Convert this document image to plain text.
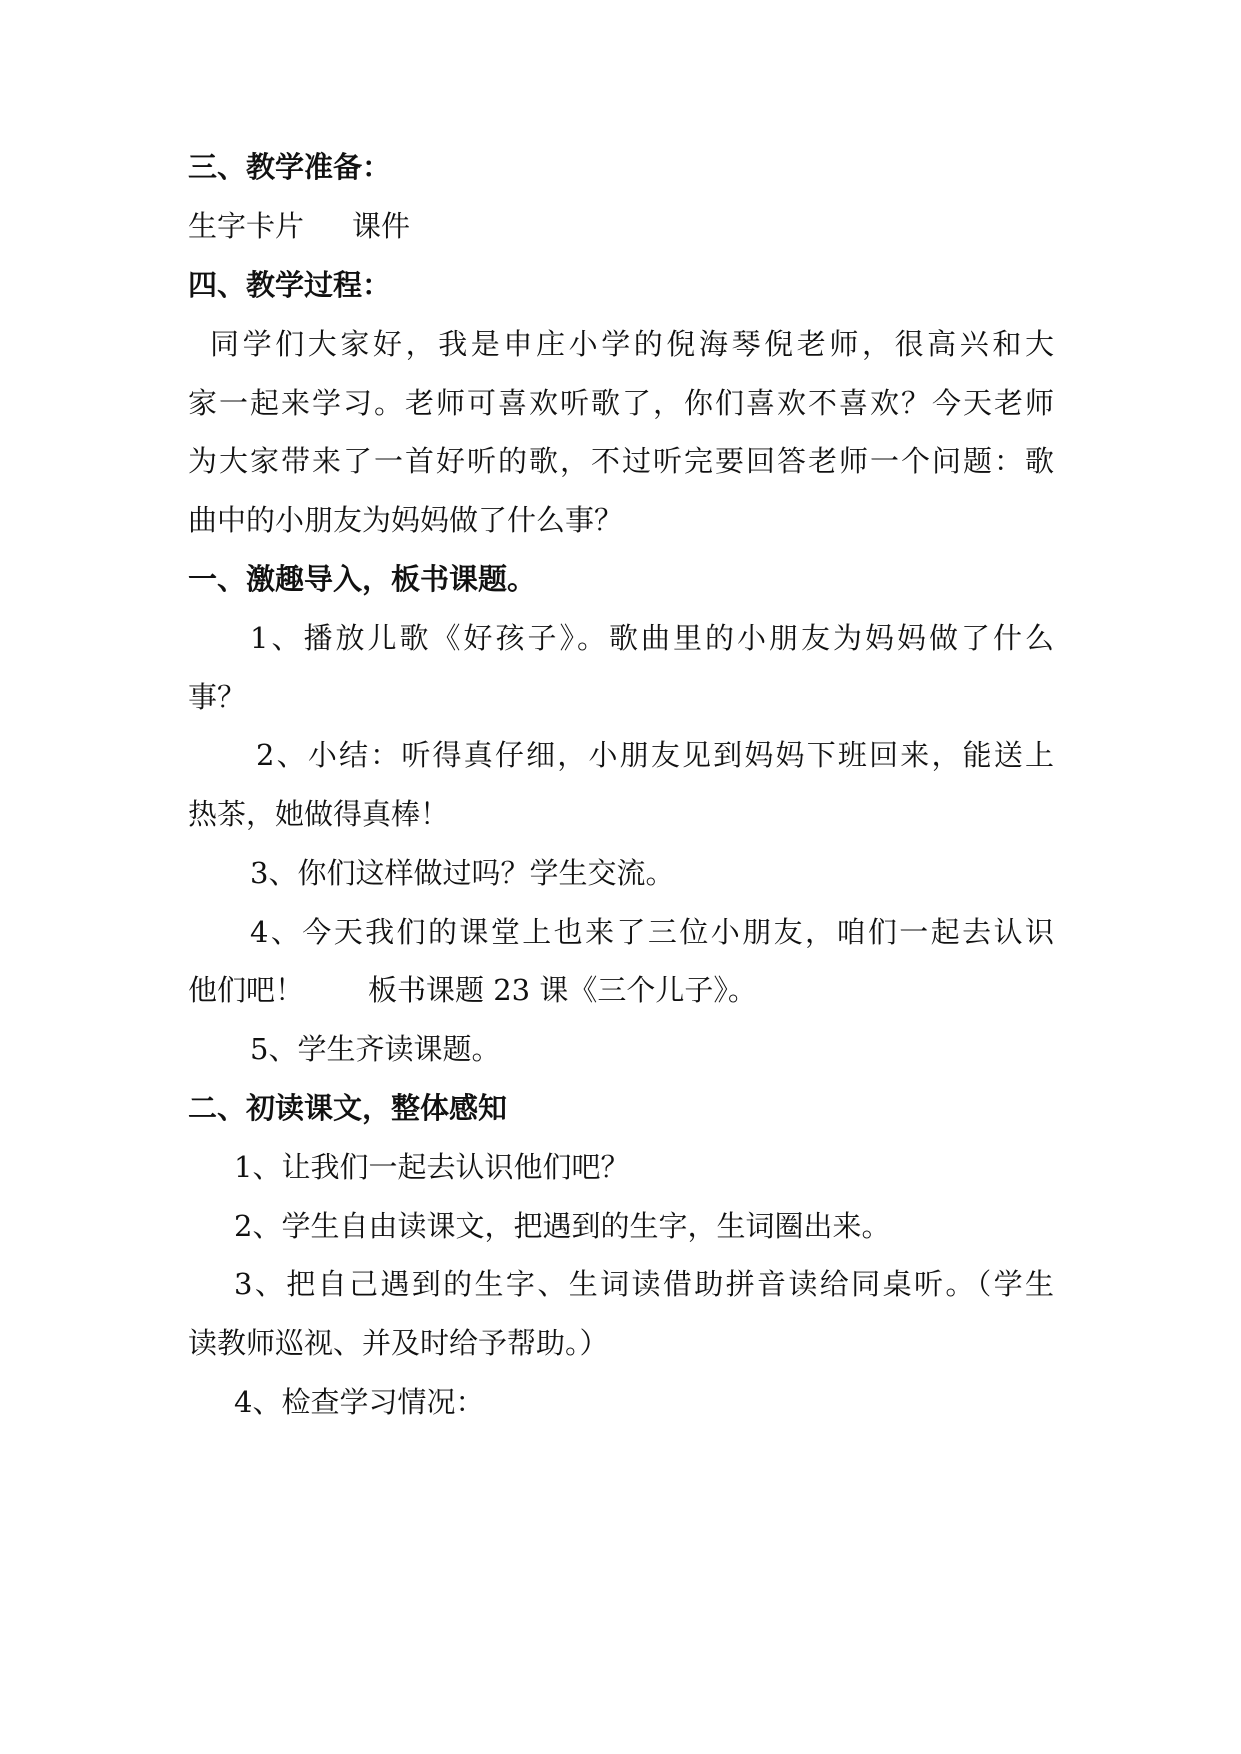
三、教学准备：
生字卡片 课件
四、教学过程：
同学们大家好，我是申庄小学的倪海琴倪老师，很高兴和大
家一起来学习。老师可喜欢听歌了，你们喜欢不喜欢？今天老师
为大家带来了一首好听的歌，不过听完要回答老师一个问题：歌
曲中的小朋友为妈妈做了什么事？
一、激趣导入，板书课题。
1、播放儿歌《好孩子》。歌曲里的小朋友为妈妈做了什么
事？
2、小结：听得真仔细，小朋友见到妈妈下班回来，能送上
热茶，她做得真棒！
3、你们这样做过吗？学生交流。
4、今天我们的课堂上也来了三位小朋友，咱们一起去认识
他们吧！ 板书课题 23 课《三个儿子》。
5、学生齐读课题。
二、初读课文，整体感知
1、让我们一起去认识他们吧？
2、学生自由读课文，把遇到的生字，生词圈出来。
3、把自己遇到的生字、生词读借助拼音读给同桌听。（学生
读教师巡视、并及时给予帮助。）
4、检查学习情况：
